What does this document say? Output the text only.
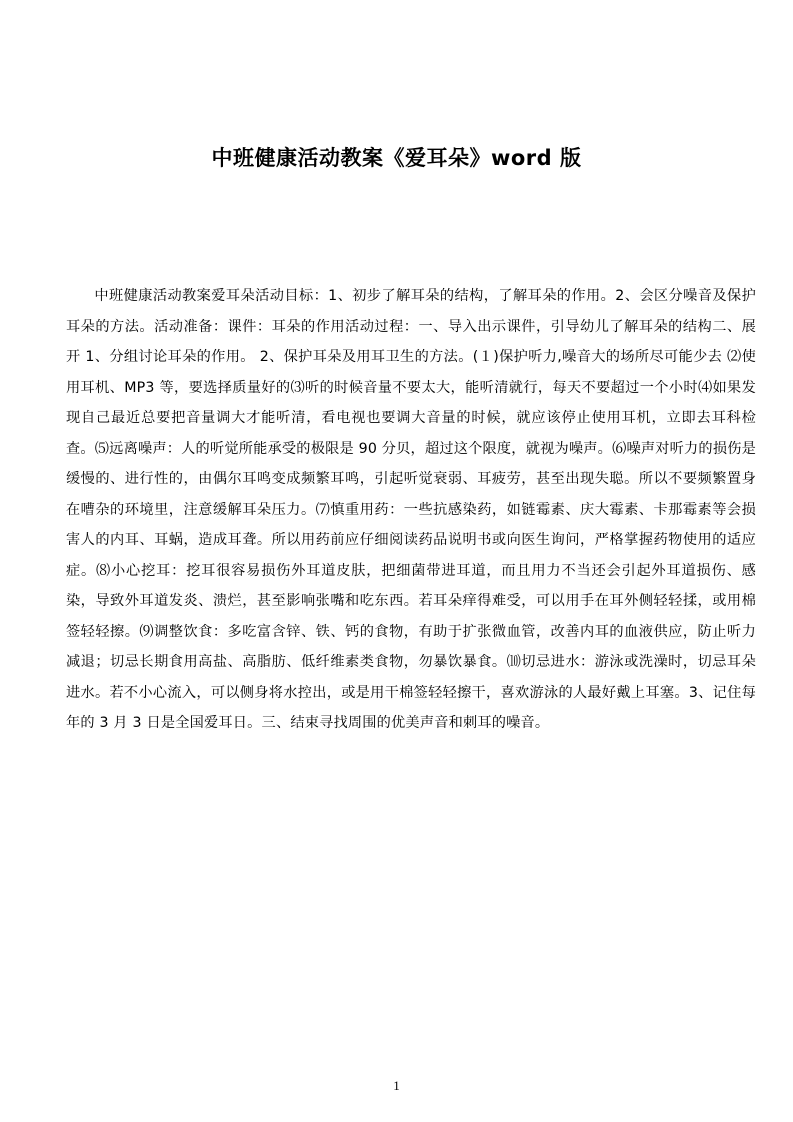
中班健康活动教案《爱耳朵》word 版

中班健康活动教案爱耳朵活动目标：1、初步了解耳朵的结构，了解耳朵的作用。2、会区分噪音及保护耳朵的方法。活动准备：课件：耳朵的作用活动过程：一、导入出示课件，引导幼儿了解耳朵的结构二、展开 1、分组讨论耳朵的作用。 2、保护耳朵及用耳卫生的方法。(１)保护听力,噪音大的场所尽可能少去 ⑵使用耳机、MP3 等，要选择质量好的⑶听的时候音量不要太大，能听清就行，每天不要超过一个小时⑷如果发现自己最近总要把音量调大才能听清，看电视也要调大音量的时候，就应该停止使用耳机，立即去耳科检查。⑸远离噪声：人的听觉所能承受的极限是 90 分贝，超过这个限度，就视为噪声。⑹噪声对听力的损伤是缓慢的、进行性的，由偶尔耳鸣变成频繁耳鸣，引起听觉衰弱、耳疲劳，甚至出现失聪。所以不要频繁置身在嘈杂的环境里，注意缓解耳朵压力。⑺慎重用药：一些抗感染药，如链霉素、庆大霉素、卡那霉素等会损害人的内耳、耳蜗，造成耳聋。所以用药前应仔细阅读药品说明书或向医生询问，严格掌握药物使用的适应症。⑻小心挖耳：挖耳很容易损伤外耳道皮肤，把细菌带进耳道，而且用力不当还会引起外耳道损伤、感染，导致外耳道发炎、溃烂，甚至影响张嘴和吃东西。若耳朵痒得难受，可以用手在耳外侧轻轻揉，或用棉签轻轻擦。⑼调整饮食：多吃富含锌、铁、钙的食物，有助于扩张微血管，改善内耳的血液供应，防止听力减退；切忌长期食用高盐、高脂肪、低纤维素类食物，勿暴饮暴食。⑽切忌进水：游泳或洗澡时，切忌耳朵进水。若不小心流入，可以侧身将水控出，或是用干棉签轻轻擦干，喜欢游泳的人最好戴上耳塞。3、记住每年的 3 月 3 日是全国爱耳日。三、结束寻找周围的优美声音和刺耳的噪音。

1
